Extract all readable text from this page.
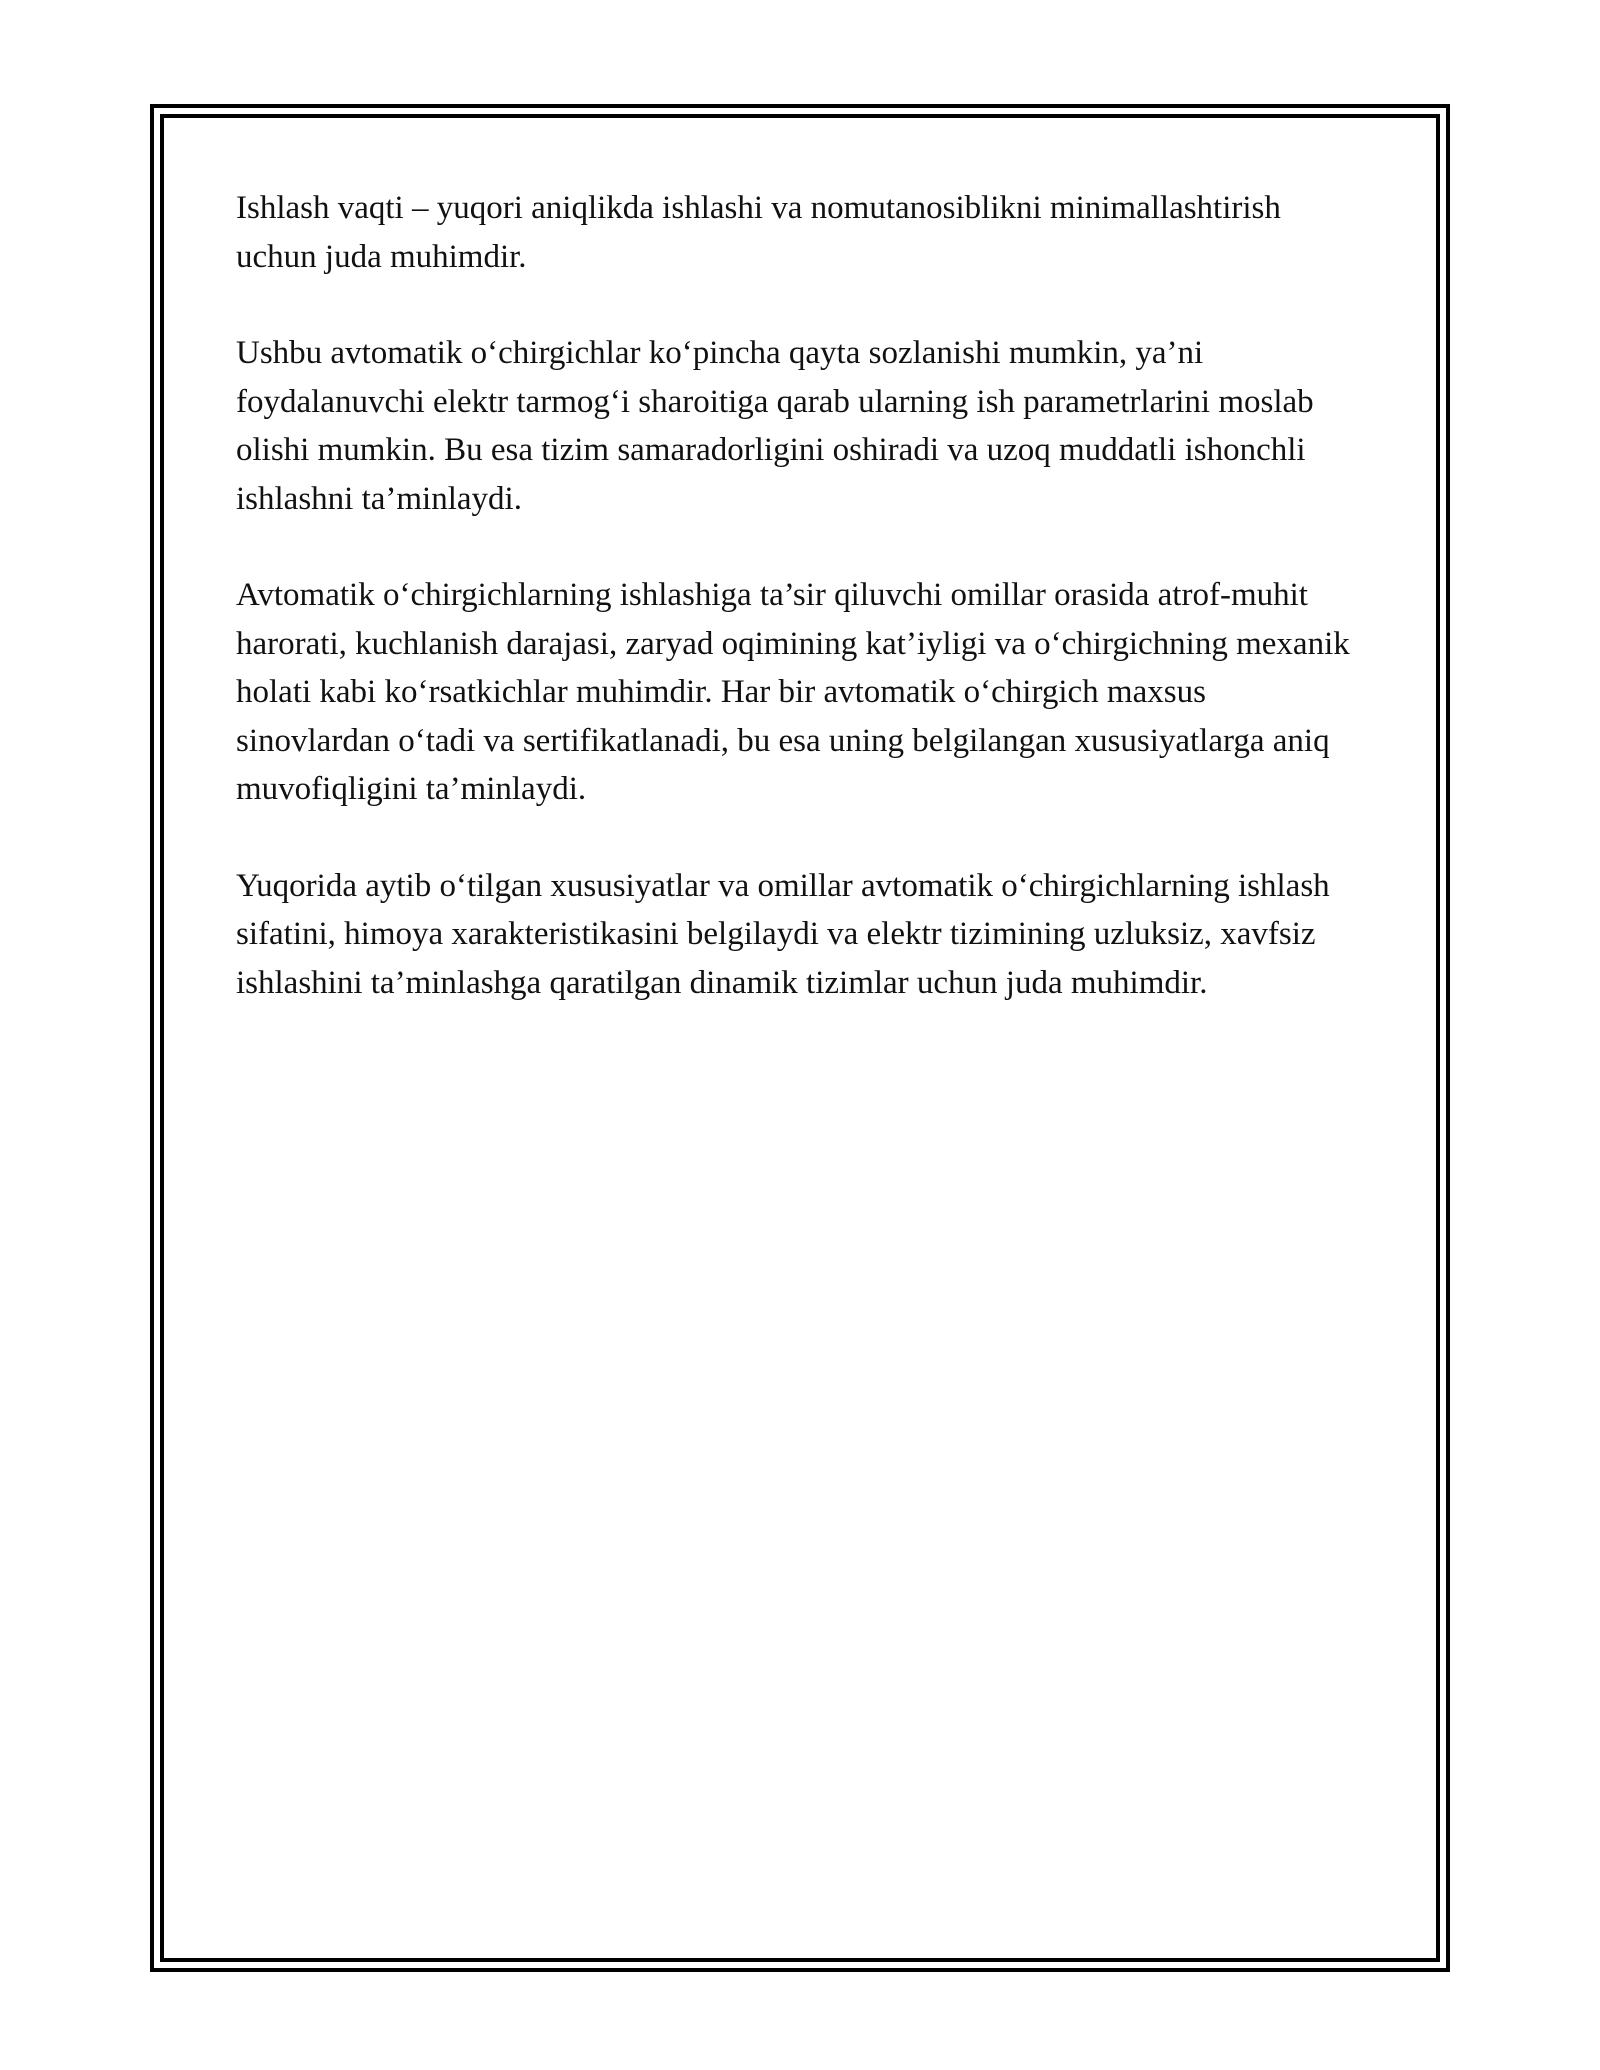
Ishlash vaqti – yuqori aniqlikda ishlashi va nomutanosiblikni minimallashtirish uchun juda muhimdir.

Ushbu avtomatik o‘chirgichlar ko‘pincha qayta sozlanishi mumkin, ya’ni foydalanuvchi elektr tarmog‘i sharoitiga qarab ularning ish parametrlarini moslab olishi mumkin. Bu esa tizim samaradorligini oshiradi va uzoq muddatli ishonchli ishlashni ta’minlaydi.

Avtomatik o‘chirgichlarning ishlashiga ta’sir qiluvchi omillar orasida atrof-muhit harorati, kuchlanish darajasi, zaryad oqimining kat’iyligi va o‘chirgichning mexanik holati kabi ko‘rsatkichlar muhimdir. Har bir avtomatik o‘chirgich maxsus sinovlardan o‘tadi va sertifikatlanadi, bu esa uning belgilangan xususiyatlarga aniq muvofiqligini ta’minlaydi.

Yuqorida aytib o‘tilgan xususiyatlar va omillar avtomatik o‘chirgichlarning ishlash sifatini, himoya xarakteristikasini belgilaydi va elektr tizimining uzluksiz, xavfsiz ishlashini ta’minlashga qaratilgan dinamik tizimlar uchun juda muhimdir.
